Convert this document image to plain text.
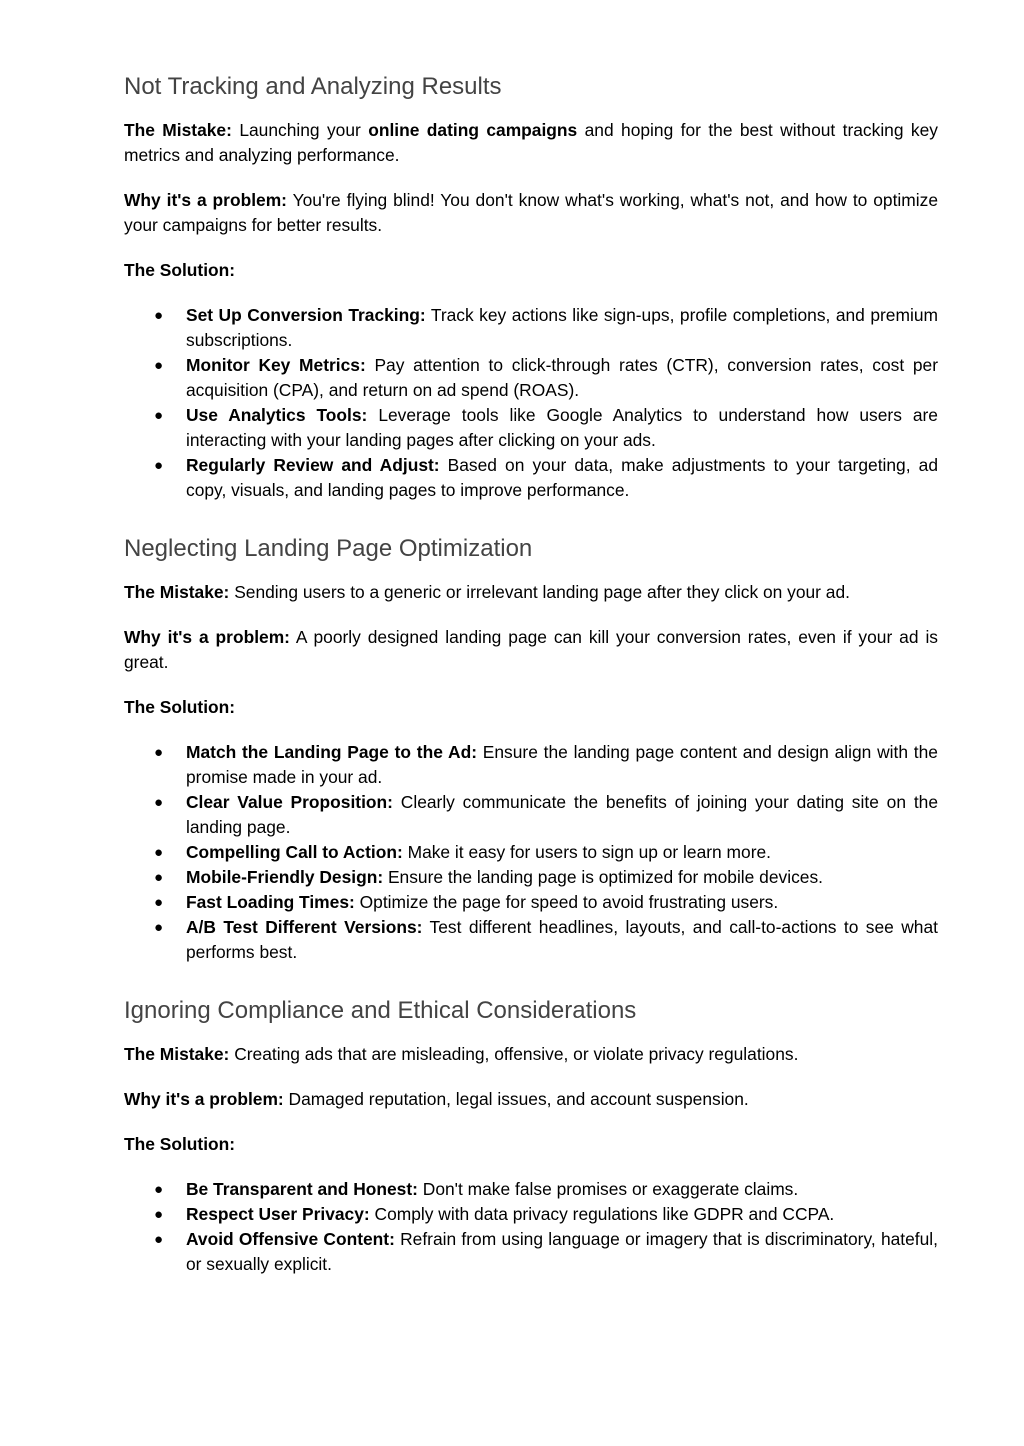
Not Tracking and Analyzing Results

The Mistake: Launching your online dating campaigns and hoping for the best without tracking key metrics and analyzing performance.

Why it's a problem: You're flying blind! You don't know what's working, what's not, and how to optimize your campaigns for better results.

The Solution:

● Set Up Conversion Tracking: Track key actions like sign-ups, profile completions, and premium subscriptions.
● Monitor Key Metrics: Pay attention to click-through rates (CTR), conversion rates, cost per acquisition (CPA), and return on ad spend (ROAS).
● Use Analytics Tools: Leverage tools like Google Analytics to understand how users are interacting with your landing pages after clicking on your ads.
● Regularly Review and Adjust: Based on your data, make adjustments to your targeting, ad copy, visuals, and landing pages to improve performance.
Neglecting Landing Page Optimization

The Mistake: Sending users to a generic or irrelevant landing page after they click on your ad.

Why it's a problem: A poorly designed landing page can kill your conversion rates, even if your ad is great.

The Solution:

● Match the Landing Page to the Ad: Ensure the landing page content and design align with the promise made in your ad.
● Clear Value Proposition: Clearly communicate the benefits of joining your dating site on the landing page.
● Compelling Call to Action: Make it easy for users to sign up or learn more.
● Mobile-Friendly Design: Ensure the landing page is optimized for mobile devices.
● Fast Loading Times: Optimize the page for speed to avoid frustrating users.
● A/B Test Different Versions: Test different headlines, layouts, and call-to-actions to see what performs best.
Ignoring Compliance and Ethical Considerations

The Mistake: Creating ads that are misleading, offensive, or violate privacy regulations.

Why it's a problem: Damaged reputation, legal issues, and account suspension.

The Solution:

● Be Transparent and Honest: Don't make false promises or exaggerate claims.
● Respect User Privacy: Comply with data privacy regulations like GDPR and CCPA.
● Avoid Offensive Content: Refrain from using language or imagery that is discriminatory, hateful, or sexually explicit.
